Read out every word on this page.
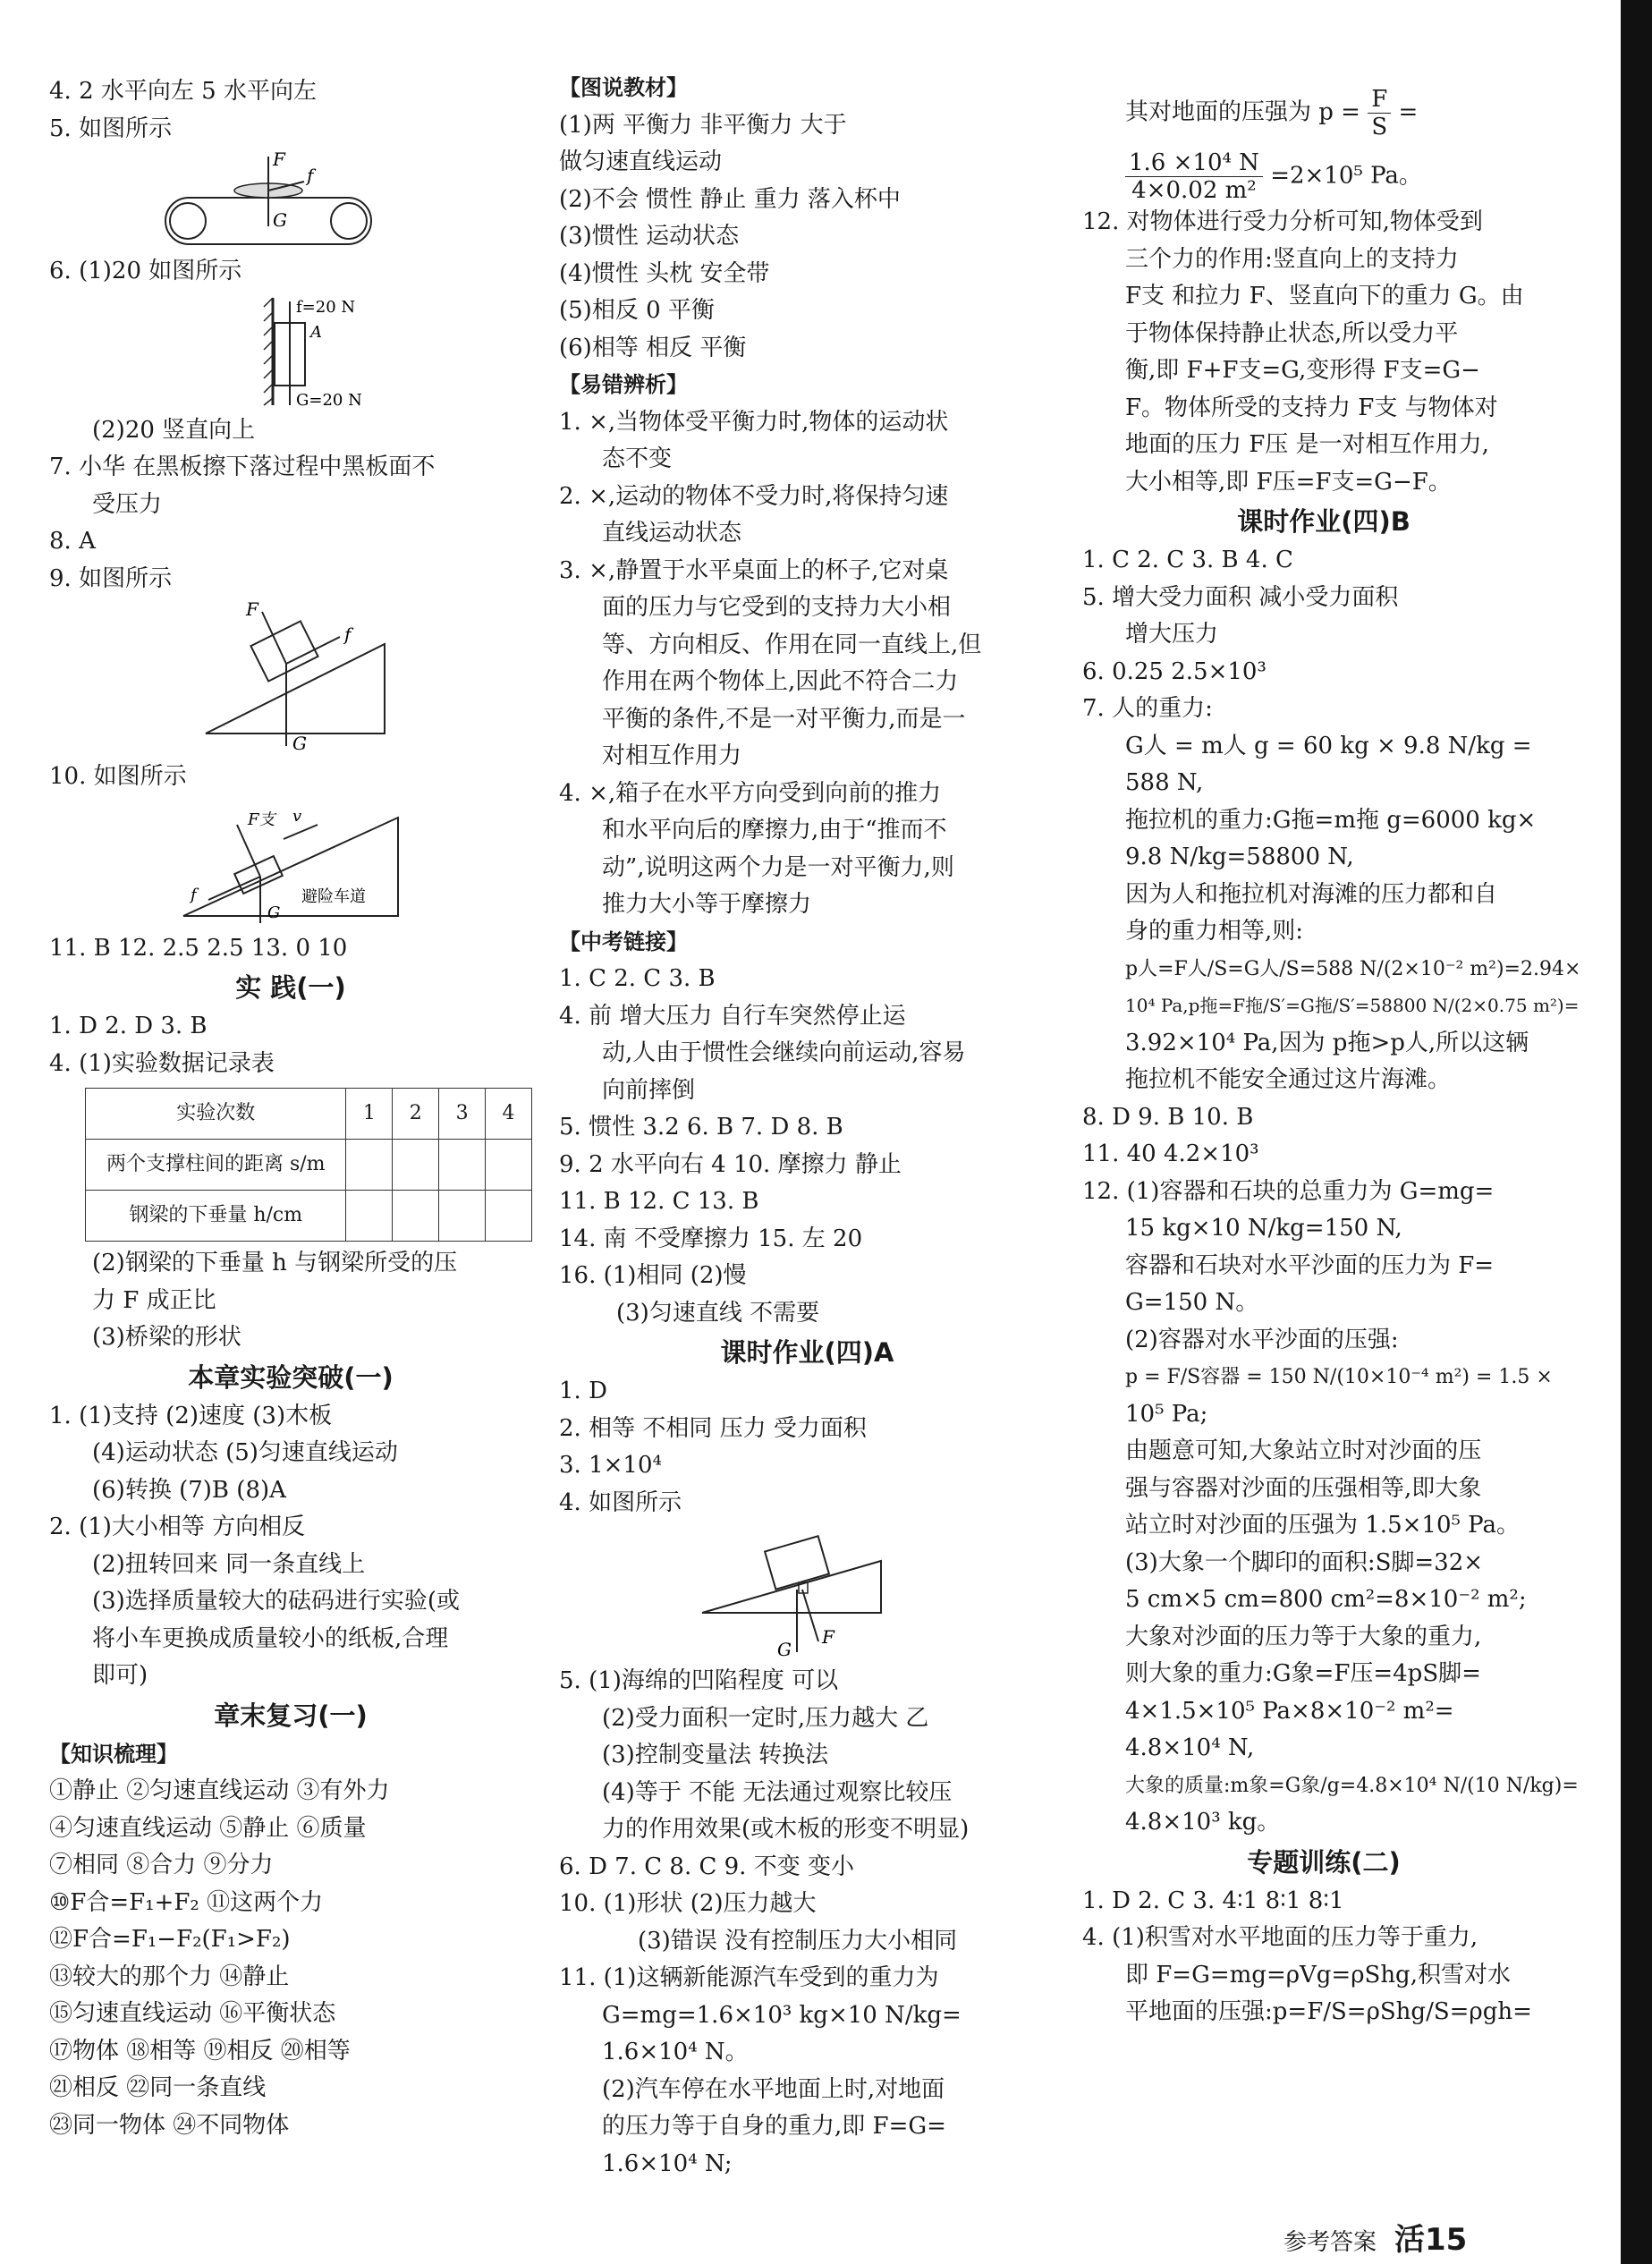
4. 2 水平向左 5 水平向左
5. 如图所示
F
f
G
6. (1)20 如图所示
f=20 N
A
G=20 N
(2)20 竖直向上
7. 小华 在黑板擦下落过程中黑板面不
受压力
8. A
9. 如图所示
F
f
G
10. 如图所示
F支 v
f
G
避险车道
11. B 12. 2.5 2.5 13. 0 10
实 践(一)
1. D 2. D 3. B
4. (1)实验数据记录表
实验次数	1	2	3	4
两个支撑柱间的距离 s/m				
钢梁的下垂量 h/cm				
(2)钢梁的下垂量 h 与钢梁所受的压
力 F 成正比
(3)桥梁的形状
本章实验突破(一)
1. (1)支持 (2)速度 (3)木板
(4)运动状态 (5)匀速直线运动
(6)转换 (7)B (8)A
2. (1)大小相等 方向相反
(2)扭转回来 同一条直线上
(3)选择质量较大的砝码进行实验(或
将小车更换成质量较小的纸板,合理
即可)
章末复习(一)
【知识梳理】
①静止 ②匀速直线运动 ③有外力
④匀速直线运动 ⑤静止 ⑥质量
⑦相同 ⑧合力 ⑨分力
⑩F合=F₁+F₂ ⑪这两个力
⑫F合=F₁−F₂(F₁>F₂)
⑬较大的那个力 ⑭静止
⑮匀速直线运动 ⑯平衡状态
⑰物体 ⑱相等 ⑲相反 ⑳相等
㉑相反 ㉒同一条直线
㉓同一物体 ㉔不同物体
【图说教材】
(1)两 平衡力 非平衡力 大于
做匀速直线运动
(2)不会 惯性 静止 重力 落入杯中
(3)惯性 运动状态
(4)惯性 头枕 安全带
(5)相反 0 平衡
(6)相等 相反 平衡
【易错辨析】
1. ×,当物体受平衡力时,物体的运动状
态不变
2. ×,运动的物体不受力时,将保持匀速
直线运动状态
3. ×,静置于水平桌面上的杯子,它对桌
面的压力与它受到的支持力大小相
等、方向相反、作用在同一直线上,但
作用在两个物体上,因此不符合二力
平衡的条件,不是一对平衡力,而是一
对相互作用力
4. ×,箱子在水平方向受到向前的推力
和水平向后的摩擦力,由于“推而不
动”,说明这两个力是一对平衡力,则
推力大小等于摩擦力
【中考链接】
1. C 2. C 3. B
4. 前 增大压力 自行车突然停止运
动,人由于惯性会继续向前运动,容易
向前摔倒
5. 惯性 3.2 6. B 7. D 8. B
9. 2 水平向右 4 10. 摩擦力 静止
11. B 12. C 13. B
14. 南 不受摩擦力 15. 左 20
16. (1)相同 (2)慢
(3)匀速直线 不需要
课时作业(四)A
1. D
2. 相等 不相同 压力 受力面积
3. 1×10⁴
4. 如图所示
G
F
5. (1)海绵的凹陷程度 可以
(2)受力面积一定时,压力越大 乙
(3)控制变量法 转换法
(4)等于 不能 无法通过观察比较压
力的作用效果(或木板的形变不明显)
6. D 7. C 8. C 9. 不变 变小
10. (1)形状 (2)压力越大
(3)错误 没有控制压力大小相同
11. (1)这辆新能源汽车受到的重力为
G=mg=1.6×10³ kg×10 N/kg=
1.6×10⁴ N。
(2)汽车停在水平地面上时,对地面
的压力等于自身的重力,即 F=G=
1.6×10⁴ N;
其对地面的压强为 $p = \frac{F}{S}$ =
$\frac{\text{1.6 ×10⁴ N}}{\text{4×0.02 m²}} =2\times 10^5$ Pa。
12. 对物体进行受力分析可知,物体受到
三个力的作用:竖直向上的支持力
F支 和拉力 F、竖直向下的重力 G。由
于物体保持静止状态,所以受力平
衡,即 F+F支=G,变形得 F支=G−
F。物体所受的支持力 F支 与物体对
地面的压力 F压 是一对相互作用力,
大小相等,即 F压=F支=G−F。
课时作业(四)B
1. C 2. C 3. B 4. C
5. 增大受力面积 减小受力面积
增大压力
6. 0.25 2.5×10³
7. 人的重力:
G人 = m人 g = 60 kg × 9.8 N/kg =
588 N,
拖拉机的重力:G拖=m拖 g=6000 kg×
9.8 N/kg=58800 N,
因为人和拖拉机对海滩的压力都和自
身的重力相等,则:
p人=F人/S=G人/S=588 N/(2×10⁻² m²)=2.94×
10⁴ Pa,p拖=F拖/S′=G拖/S′=58800 N/(2×0.75 m²)=
3.92×10⁴ Pa,因为 p拖>p人,所以这辆
拖拉机不能安全通过这片海滩。
8. D 9. B 10. B
11. 40 4.2×10³
12. (1)容器和石块的总重力为 G=mg=
15 kg×10 N/kg=150 N,
容器和石块对水平沙面的压力为 F=
G=150 N。
(2)容器对水平沙面的压强:
p = F/S容器 = 150 N/(10×10⁻⁴ m²) = 1.5 ×
10⁵ Pa;
由题意可知,大象站立时对沙面的压
强与容器对沙面的压强相等,即大象
站立时对沙面的压强为 1.5×10⁵ Pa。
(3)大象一个脚印的面积:S脚=32×
5 cm×5 cm=800 cm²=8×10⁻² m²;
大象对沙面的压力等于大象的重力,
则大象的重力:G象=F压=4pS脚=
4×1.5×10⁵ Pa×8×10⁻² m²=
4.8×10⁴ N,
大象的质量:m象=G象/g=4.8×10⁴ N/(10 N/kg)=
4.8×10³ kg。
专题训练(二)
1. D 2. C 3. 4∶1 8∶1 8∶1
4. (1)积雪对水平地面的压力等于重力,
即 F=G=mg=ρVg=ρShg,积雪对水
平地面的压强:p=F/S=ρShg/S=ρgh=
参考答案 活15
